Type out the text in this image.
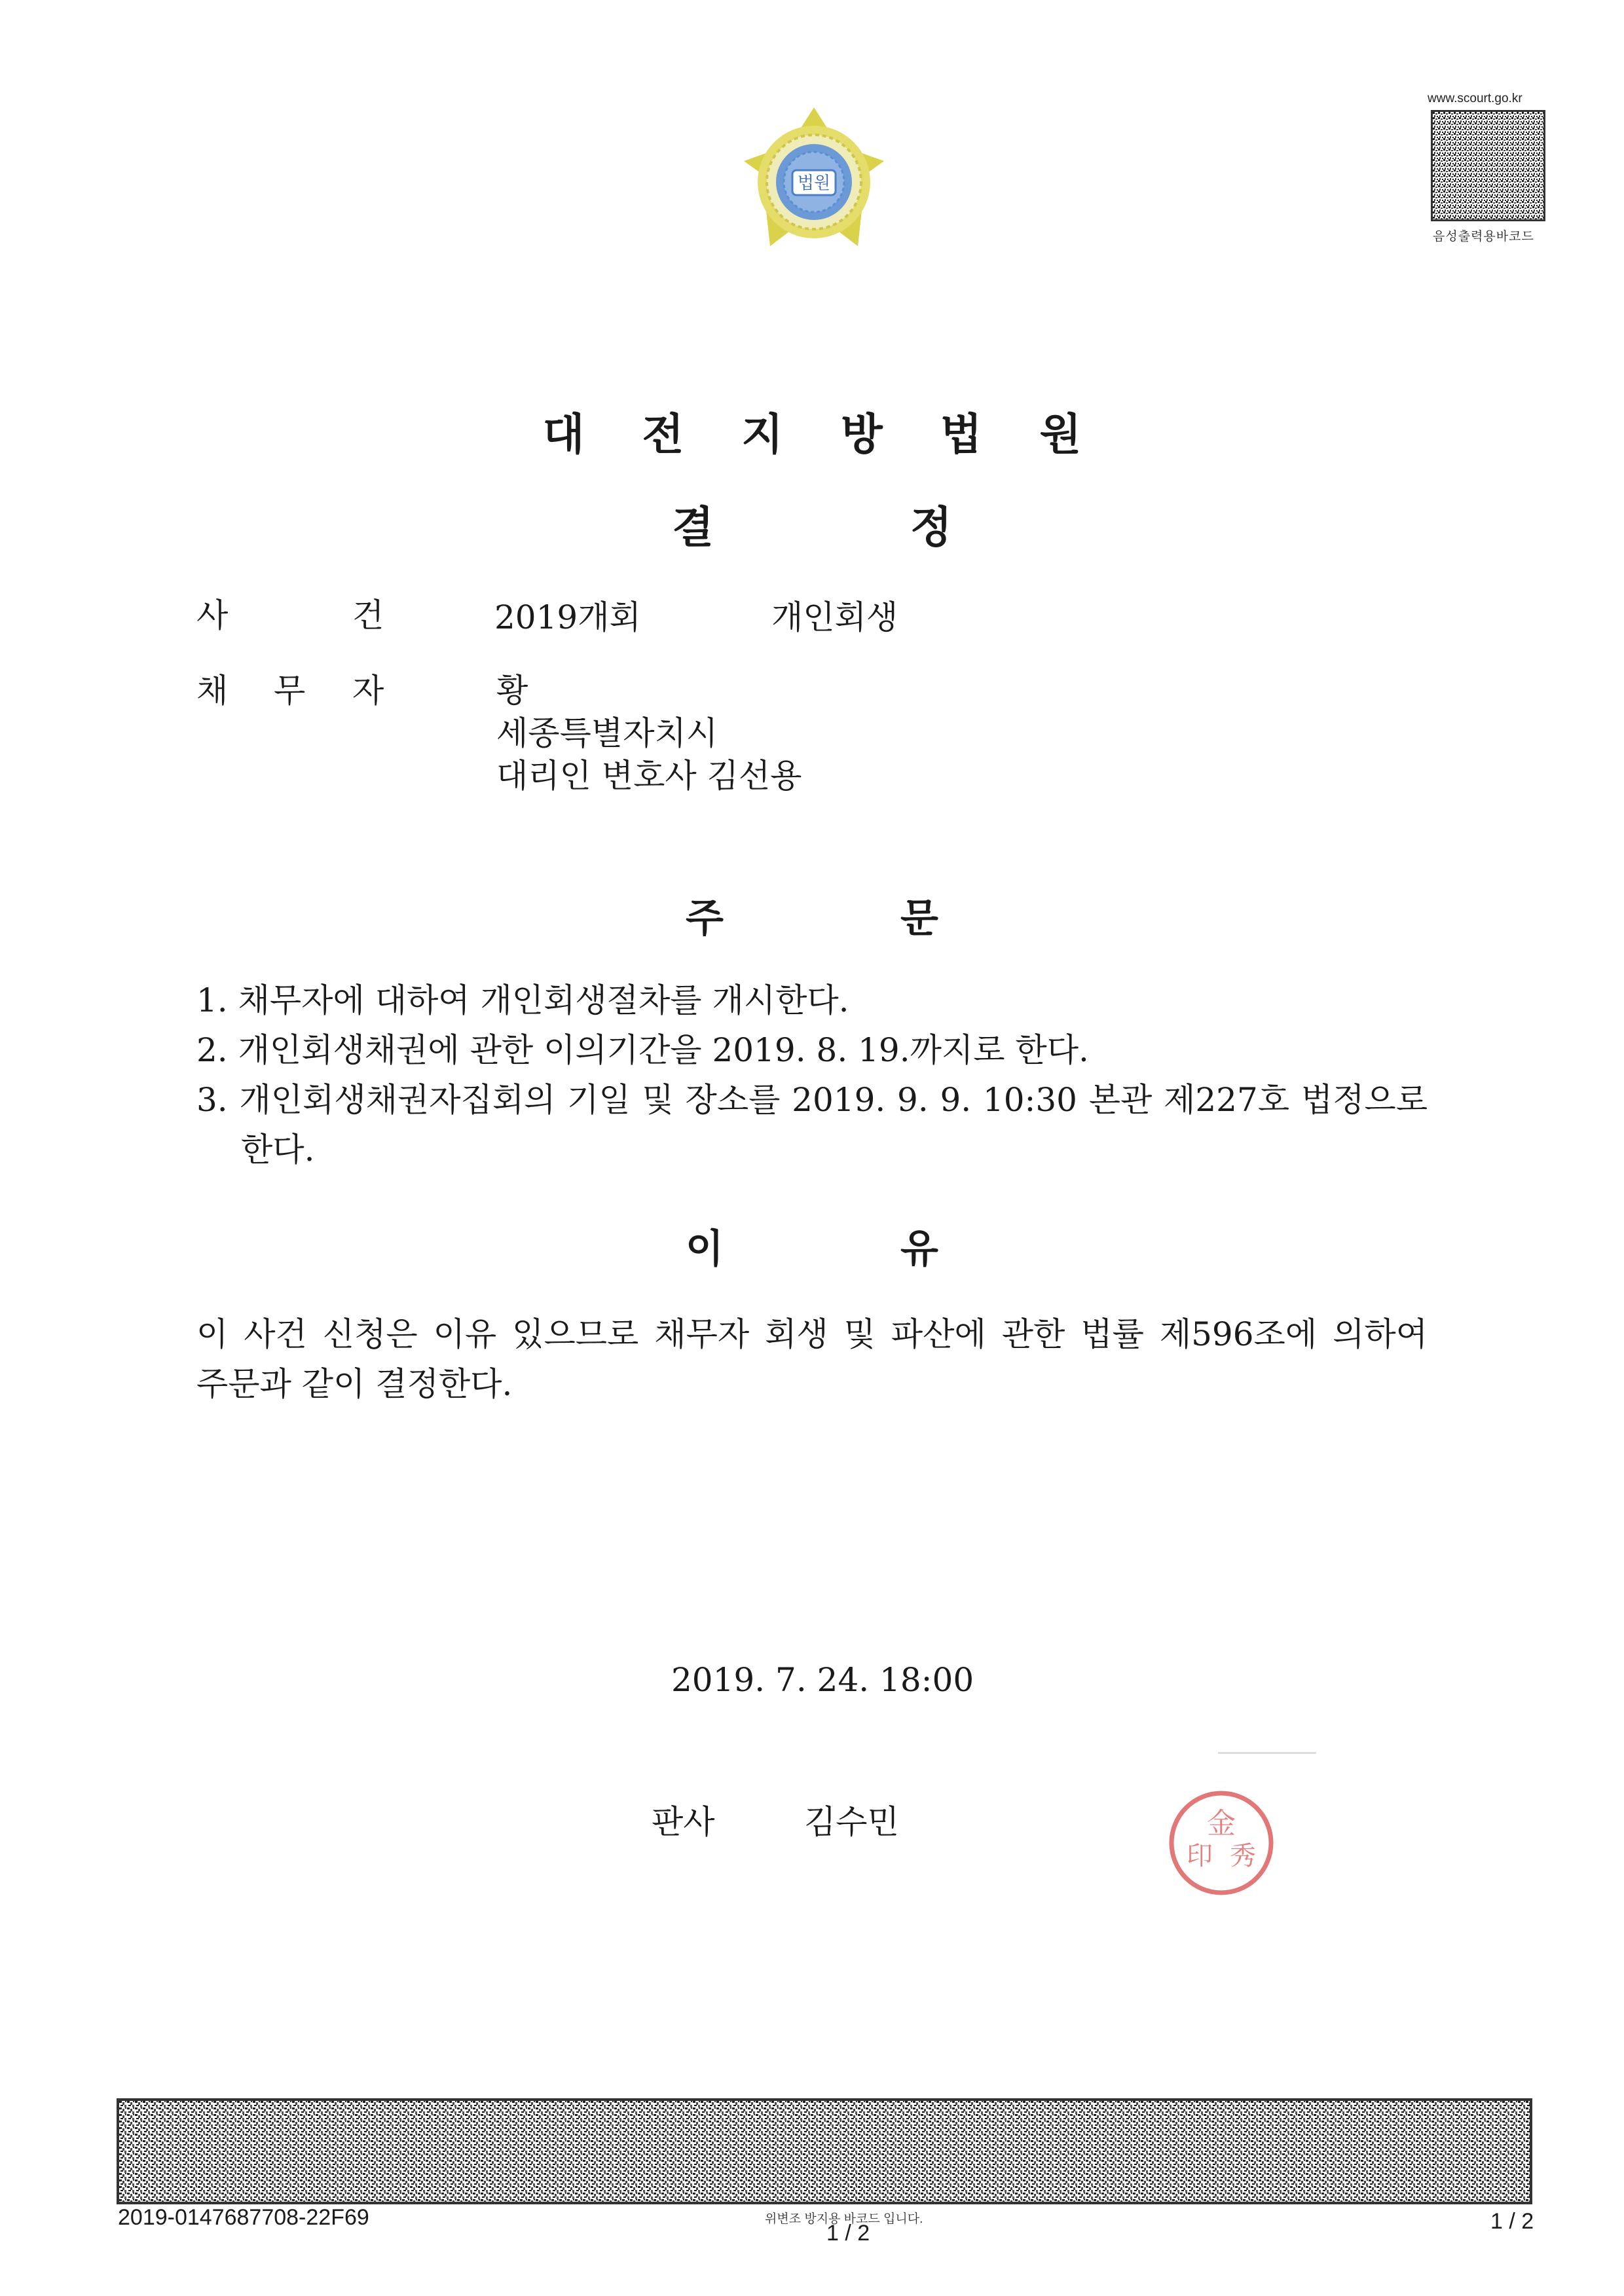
법원
www.scourt.go.kr
음성출력용바코드
대 전 지 방 법 원
결	정
사	건	2019개회	개인회생
채 무 자	황
세종특별자치시
대리인 변호사 김선용
주	문
1. 채무자에 대하여 개인회생절차를 개시한다.
2. 개인회생채권에 관한 이의기간을 2019. 8. 19.까지로 한다.
3. 개인회생채권자집회의 기일 및 장소를 2019. 9. 9. 10:30 본관 제227호 법정으로
한다.
이	유
이 사건 신청은 이유 있으므로 채무자 회생 및 파산에 관한 법률 제596조에 의하여
주문과 같이 결정한다.
2019. 7. 24. 18:00
판사	김수민	金
印 秀
2019-0147687708-22F69	위변조 방지용 바코드 입니다.
1 / 2	1 / 2
